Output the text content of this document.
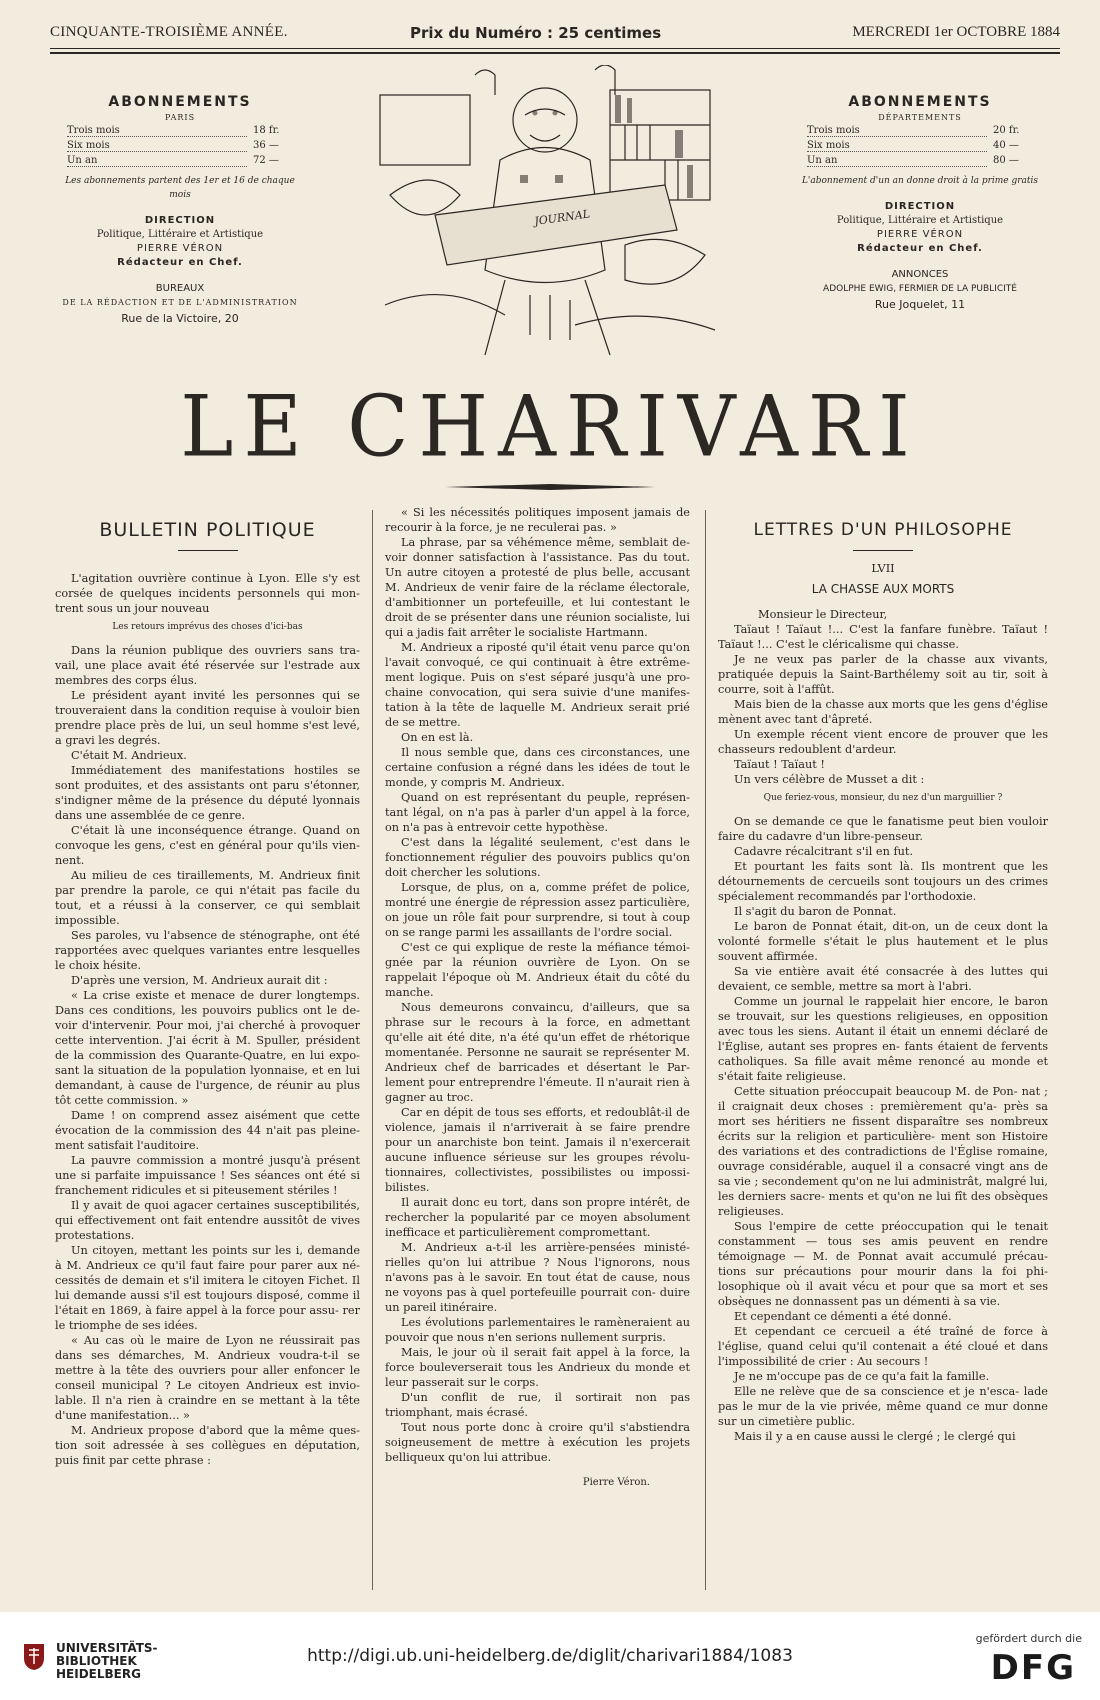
CINQUANTE-TROISIÈME ANNÉE.	Prix du Numéro : 25 centimes	MERCREDI 1er OCTOBRE 1884
ABONNEMENTS
PARIS
Trois mois	18 fr.
Six mois	36 —
Un an	72 —
Les abonnements partent des 1er et 16 de chaque mois
DIRECTION
Politique, Littéraire et Artistique
PIERRE VÉRON
Rédacteur en Chef.
BUREAUX
DE LA RÉDACTION ET DE L'ADMINISTRATION
Rue de la Victoire, 20
ABONNEMENTS
DÉPARTEMENTS
Trois mois	20 fr.
Six mois	40 —
Un an	80 —
L'abonnement d'un an donne droit à la prime gratis
DIRECTION
Politique, Littéraire et Artistique
PIERRE VÉRON
Rédacteur en Chef.
ANNONCES
ADOLPHE EWIG, FERMIER DE LA PUBLICITÉ
Rue Joquelet, 11
JOURNAL
LE CHARIVARI
BULLETIN POLITIQUE

L'agitation ouvrière continue à Lyon. Elle s'y est corsée de quelques incidents personnels qui mon- trent sous un jour nouveau

Les retours imprévus des choses d'ici-bas

Dans la réunion publique des ouvriers sans tra- vail, une place avait été réservée sur l'estrade aux membres des corps élus.

Le président ayant invité les personnes qui se trouveraient dans la condition requise à vouloir bien prendre place près de lui, un seul homme s'est levé, a gravi les degrés.

C'était M. Andrieux.

Immédiatement des manifestations hostiles se sont produites, et des assistants ont paru s'étonner, s'indigner même de la présence du député lyonnais dans une assemblée de ce genre.

C'était là une inconséquence étrange. Quand on convoque les gens, c'est en général pour qu'ils vien- nent.

Au milieu de ces tiraillements, M. Andrieux finit par prendre la parole, ce qui n'était pas facile du tout, et a réussi à la conserver, ce qui semblait impossible.

Ses paroles, vu l'absence de sténographe, ont été rapportées avec quelques variantes entre lesquelles le choix hésite.

D'après une version, M. Andrieux aurait dit :

« La crise existe et menace de durer longtemps. Dans ces conditions, les pouvoirs publics ont le de- voir d'intervenir. Pour moi, j'ai cherché à provoquer cette intervention. J'ai écrit à M. Spuller, président de la commission des Quarante-Quatre, en lui expo- sant la situation de la population lyonnaise, et en lui demandant, à cause de l'urgence, de réunir au plus tôt cette commission. »

Dame ! on comprend assez aisément que cette évocation de la commission des 44 n'ait pas pleine- ment satisfait l'auditoire.

La pauvre commission a montré jusqu'à présent une si parfaite impuissance ! Ses séances ont été si franchement ridicules et si piteusement stériles !

Il y avait de quoi agacer certaines susceptibilités, qui effectivement ont fait entendre aussitôt de vives protestations.

Un citoyen, mettant les points sur les i, demande à M. Andrieux ce qu'il faut faire pour parer aux né- cessités de demain et s'il imitera le citoyen Fichet. Il lui demande aussi s'il est toujours disposé, comme il l'était en 1869, à faire appel à la force pour assu- rer le triomphe de ses idées.

« Au cas où le maire de Lyon ne réussirait pas dans ses démarches, M. Andrieux voudra-t-il se mettre à la tête des ouvriers pour aller enfoncer le conseil municipal ? Le citoyen Andrieux est invio- lable. Il n'a rien à craindre en se mettant à la tête d'une manifestation... »

M. Andrieux propose d'abord que la même ques- tion soit adressée à ses collègues en députation, puis finit par cette phrase :

« Si les nécessités politiques imposent jamais de recourir à la force, je ne reculerai pas. »

La phrase, par sa véhémence même, semblait de- voir donner satisfaction à l'assistance. Pas du tout. Un autre citoyen a protesté de plus belle, accusant M. Andrieux de venir faire de la réclame électorale, d'ambitionner un portefeuille, et lui contestant le droit de se présenter dans une réunion socialiste, lui qui a jadis fait arrêter le socialiste Hartmann.

M. Andrieux a riposté qu'il était venu parce qu'on l'avait convoqué, ce qui continuait à être extrême- ment logique. Puis on s'est séparé jusqu'à une pro- chaine convocation, qui sera suivie d'une manifes- tation à la tête de laquelle M. Andrieux serait prié de se mettre.

On en est là.

Il nous semble que, dans ces circonstances, une certaine confusion a régné dans les idées de tout le monde, y compris M. Andrieux.

Quand on est représentant du peuple, représen- tant légal, on n'a pas à parler d'un appel à la force, on n'a pas à entrevoir cette hypothèse.

C'est dans la légalité seulement, c'est dans le fonctionnement régulier des pouvoirs publics qu'on doit chercher les solutions.

Lorsque, de plus, on a, comme préfet de police, montré une énergie de répression assez particulière, on joue un rôle fait pour surprendre, si tout à coup on se range parmi les assaillants de l'ordre social.

C'est ce qui explique de reste la méfiance témoi- gnée par la réunion ouvrière de Lyon. On se rappelait l'époque où M. Andrieux était du côté du manche.

Nous demeurons convaincu, d'ailleurs, que sa phrase sur le recours à la force, en admettant qu'elle ait été dite, n'a été qu'un effet de rhétorique momentanée. Personne ne saurait se représenter M. Andrieux chef de barricades et désertant le Par- lement pour entreprendre l'émeute. Il n'aurait rien à gagner au troc.

Car en dépit de tous ses efforts, et redoublât-il de violence, jamais il n'arriverait à se faire prendre pour un anarchiste bon teint. Jamais il n'exercerait aucune influence sérieuse sur les groupes révolu- tionnaires, collectivistes, possibilistes ou impossi- bilistes.

Il aurait donc eu tort, dans son propre intérêt, de rechercher la popularité par ce moyen absolument inefficace et particulièrement compromettant.

M. Andrieux a-t-il les arrière-pensées ministé- rielles qu'on lui attribue ? Nous l'ignorons, nous n'avons pas à le savoir. En tout état de cause, nous ne voyons pas à quel portefeuille pourrait con- duire un pareil itinéraire.

Les évolutions parlementaires le ramèneraient au pouvoir que nous n'en serions nullement surpris.

Mais, le jour où il serait fait appel à la force, la force bouleverserait tous les Andrieux du monde et leur passerait sur le corps.

D'un conflit de rue, il sortirait non pas triomphant, mais écrasé.

Tout nous porte donc à croire qu'il s'abstiendra soigneusement de mettre à exécution les projets belliqueux qu'on lui attribue.

Pierre Véron.

LETTRES D'UN PHILOSOPHE

LVII

LA CHASSE AUX MORTS

Monsieur le Directeur,

Taïaut ! Taïaut !... C'est la fanfare funèbre. Taïaut ! Taïaut !... C'est le cléricalisme qui chasse.

Je ne veux pas parler de la chasse aux vivants, pratiquée depuis la Saint-Barthélemy soit au tir, soit à courre, soit à l'affût.

Mais bien de la chasse aux morts que les gens d'église mènent avec tant d'âpreté.

Un exemple récent vient encore de prouver que les chasseurs redoublent d'ardeur.

Taïaut ! Taïaut !

Un vers célèbre de Musset a dit :

Que feriez-vous, monsieur, du nez d'un marguillier ?

On se demande ce que le fanatisme peut bien vouloir faire du cadavre d'un libre-penseur.

Cadavre récalcitrant s'il en fut.

Et pourtant les faits sont là. Ils montrent que les détournements de cercueils sont toujours un des crimes spécialement recommandés par l'orthodoxie.

Il s'agit du baron de Ponnat.

Le baron de Ponnat était, dit-on, un de ceux dont la volonté formelle s'était le plus hautement et le plus souvent affirmée.

Sa vie entière avait été consacrée à des luttes qui devaient, ce semble, mettre sa mort à l'abri.

Comme un journal le rappelait hier encore, le baron se trouvait, sur les questions religieuses, en opposition avec tous les siens. Autant il était un ennemi déclaré de l'Église, autant ses propres en- fants étaient de fervents catholiques. Sa fille avait même renoncé au monde et s'était faite religieuse.

Cette situation préoccupait beaucoup M. de Pon- nat ; il craignait deux choses : premièrement qu'a- près sa mort ses héritiers ne fissent disparaître ses nombreux écrits sur la religion et particulière- ment son Histoire des variations et des contradictions de l'Église romaine, ouvrage considérable, auquel il a consacré vingt ans de sa vie ; secondement qu'on ne lui administrât, malgré lui, les derniers sacre- ments et qu'on ne lui fît des obsèques religieuses.

Sous l'empire de cette préoccupation qui le tenait constamment — tous ses amis peuvent en rendre témoignage — M. de Ponnat avait accumulé précau- tions sur précautions pour mourir dans la foi phi- losophique où il avait vécu et pour que sa mort et ses obsèques ne donnassent pas un démenti à sa vie.

Et cependant ce démenti a été donné.

Et cependant ce cercueil a été traîné de force à l'église, quand celui qu'il contenait a été cloué et dans l'impossibilité de crier : Au secours !

Je ne m'occupe pas de ce qu'a fait la famille.

Elle ne relève que de sa conscience et je n'esca- lade pas le mur de la vie privée, même quand ce mur donne sur un cimetière public.

Mais il y a en cause aussi le clergé ; le clergé qui

UNIVERSITÄTS-
BIBLIOTHEK
HEIDELBERG
http://digi.ub.uni-heidelberg.de/diglit/charivari1884/1083
gefördert durch die
DFG
